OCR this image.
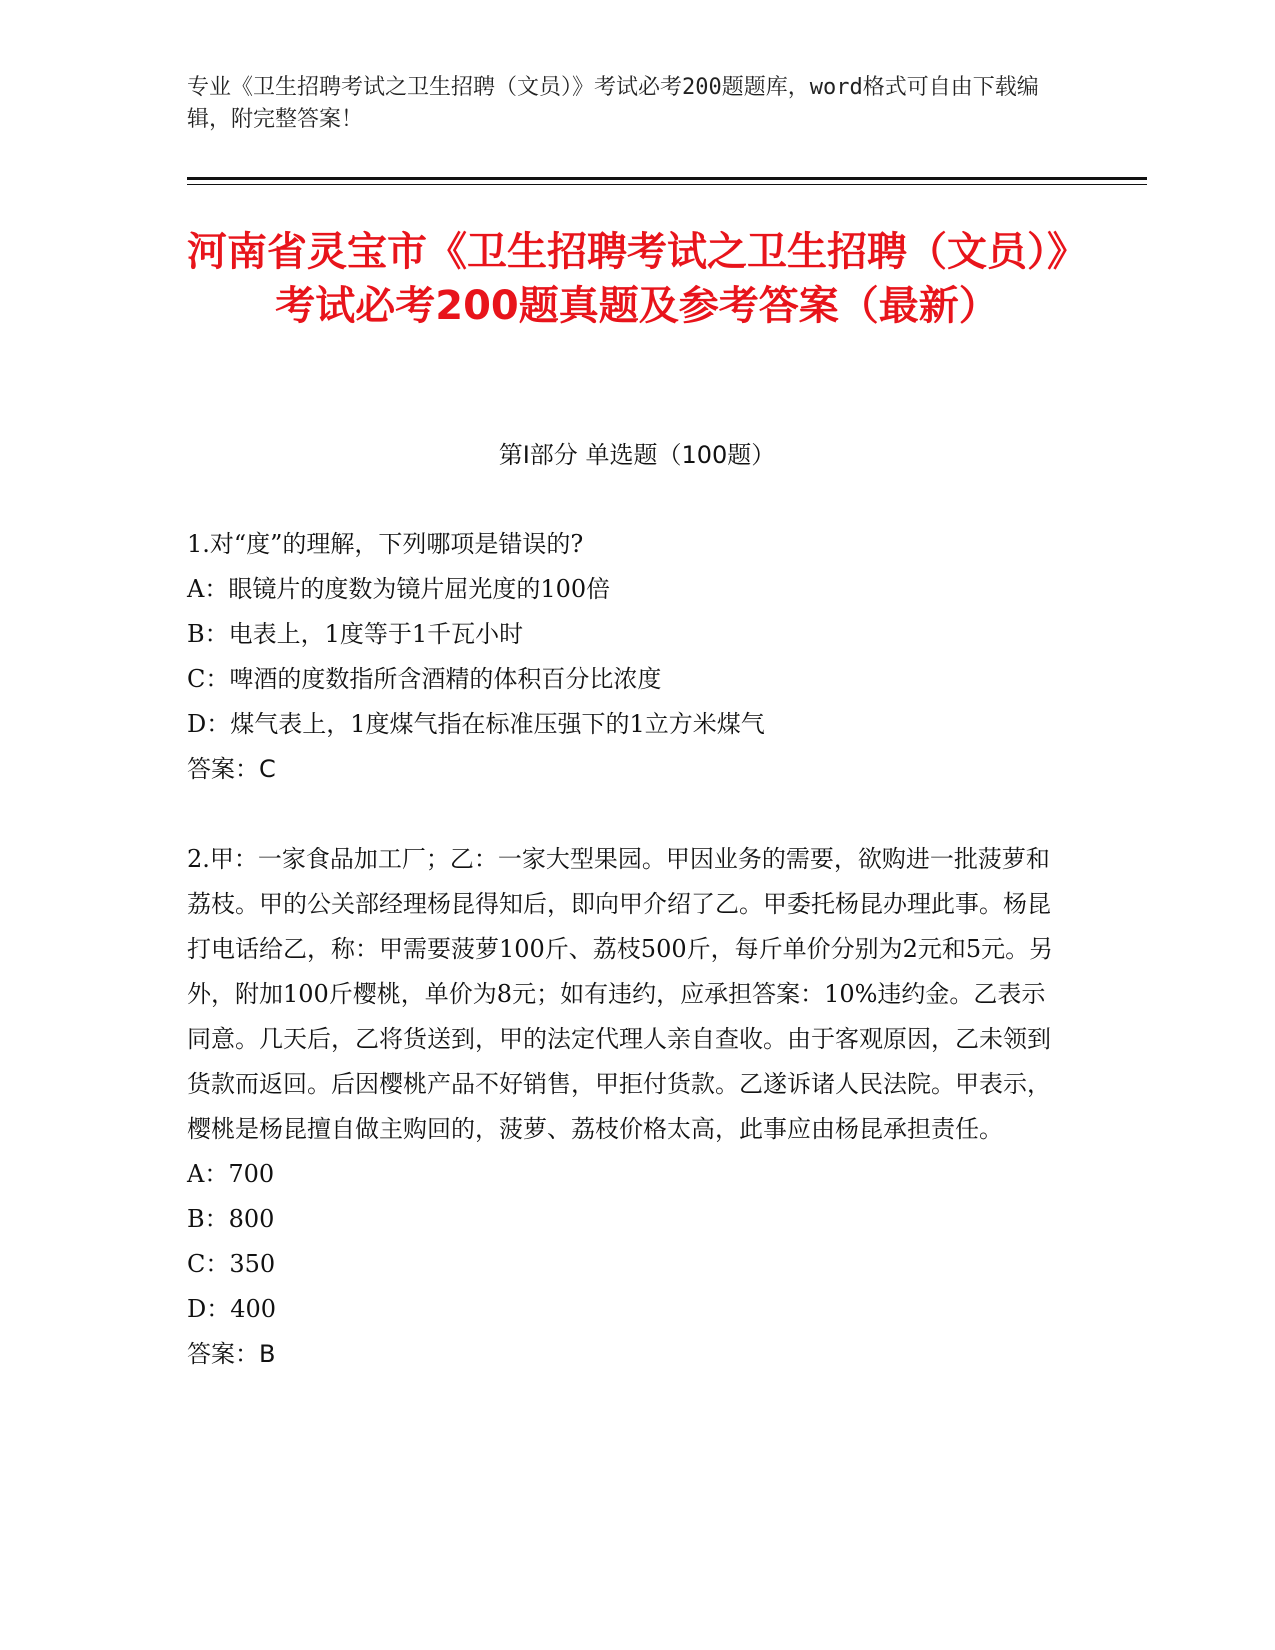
专业《卫生招聘考试之卫生招聘（文员）》考试必考200题题库，word格式可自由下载编辑，附完整答案！
河南省灵宝市《卫生招聘考试之卫生招聘（文员）》考试必考200题真题及参考答案（最新）
第Ⅰ部分 单选题（100题）
1.对“度”的理解，下列哪项是错误的?
A：眼镜片的度数为镜片屈光度的100倍
B：电表上，1度等于1千瓦小时
C：啤酒的度数指所含酒精的体积百分比浓度
D：煤气表上，1度煤气指在标准压强下的1立方米煤气
答案：C
2.甲：一家食品加工厂；乙：一家大型果园。甲因业务的需要，欲购进一批菠萝和荔枝。甲的公关部经理杨昆得知后，即向甲介绍了乙。甲委托杨昆办理此事。杨昆打电话给乙，称：甲需要菠萝100斤、荔枝500斤，每斤单价分别为2元和5元。另外，附加100斤樱桃，单价为8元；如有违约，应承担答案：10%违约金。乙表示同意。几天后，乙将货送到，甲的法定代理人亲自查收。由于客观原因，乙未领到货款而返回。后因樱桃产品不好销售，甲拒付货款。乙遂诉诸人民法院。甲表示，樱桃是杨昆擅自做主购回的，菠萝、荔枝价格太高，此事应由杨昆承担责任。
A：700
B：800
C：350
D：400
答案：B
